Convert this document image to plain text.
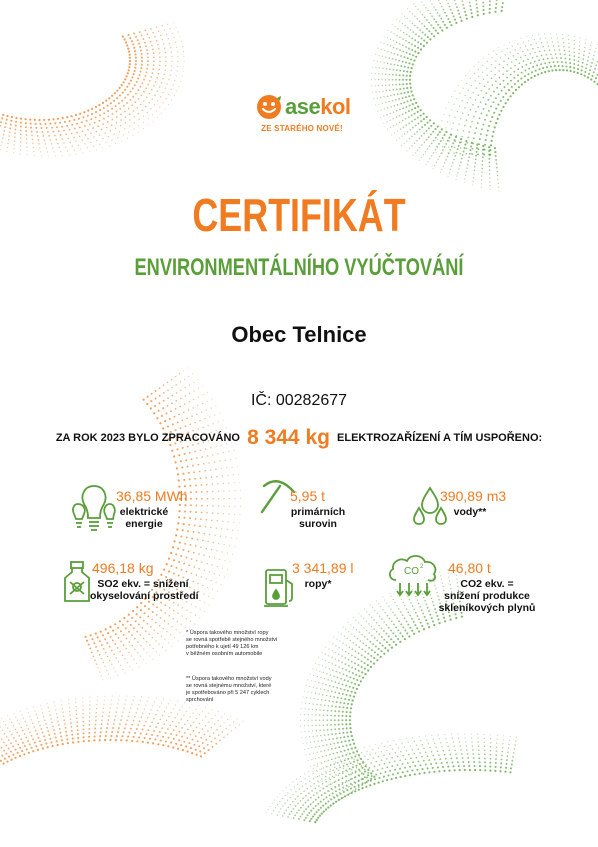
asekol
ZE STARÉHO NOVÉ!
CERTIFIKÁT
ENVIRONMENTÁLNÍHO VYÚČTOVÁNÍ
Obec Telnice
IČ: 00282677
ZA ROK 2023 BYLO ZPRACOVÁNO 8 344 kg ELEKTROZAŘÍZENÍ A TÍM USPOŘENO:
36,85 MWh
elektrické
energie
5,95 t
primárních
surovin
390,89 m3
vody**
496,18 kg
SO2 ekv. = snížení
okyselování prostředí
3 341,89 l
ropy*
CO 2 46,80 t
CO2 ekv. =
snížení produkce
skleníkových plynů
* Úspora takového množství ropy
se rovná spotřebě stejného množství
potřebného k ujetí 49 126 km
v běžném osobním automobile
** Úspora takového množství vody
se rovná stejnému množství, které
je spotřebováno při 5 247 cyklech
sprchování
